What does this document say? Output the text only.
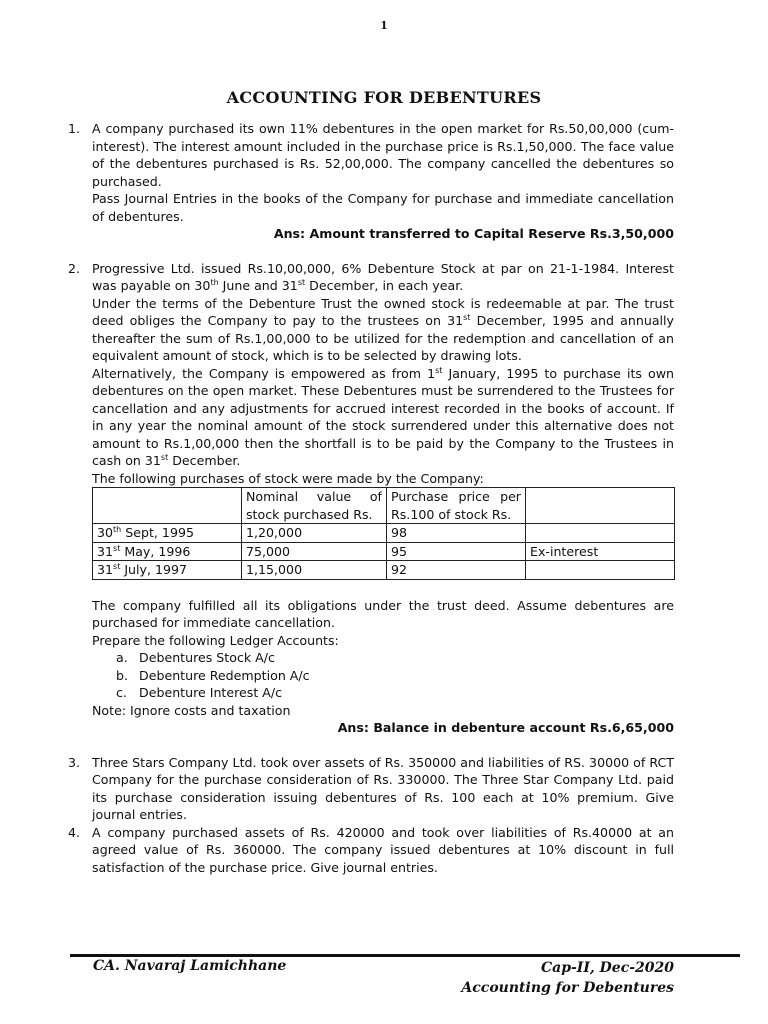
1
ACCOUNTING FOR DEBENTURES
1. A company purchased its own 11% debentures in the open market for Rs.50,00,000 (cum-interest). The interest amount included in the purchase price is Rs.1,50,000. The face value of the debentures purchased is Rs. 52,00,000. The company cancelled the debentures so purchased.

Pass Journal Entries in the books of the Company for purchase and immediate cancellation of debentures.

Ans: Amount transferred to Capital Reserve Rs.3,50,000

2. Progressive Ltd. issued Rs.10,00,000, 6% Debenture Stock at par on 21-1-1984. Interest was payable on 30th June and 31st December, in each year.

Under the terms of the Debenture Trust the owned stock is redeemable at par. The trust deed obliges the Company to pay to the trustees on 31st December, 1995 and annually thereafter the sum of Rs.1,00,000 to be utilized for the redemption and cancellation of an equivalent amount of stock, which is to be selected by drawing lots.

Alternatively, the Company is empowered as from 1st January, 1995 to purchase its own debentures on the open market. These Debentures must be surrendered to the Trustees for cancellation and any adjustments for accrued interest recorded in the books of account. If in any year the nominal amount of the stock surrendered under this alternative does not amount to Rs.1,00,000 then the shortfall is to be paid by the Company to the Trustees in cash on 31st December.

The following purchases of stock were made by the Company:

	Nominal value of stock purchased Rs.	Purchase price per Rs.100 of stock Rs.	
30th Sept, 1995	1,20,000	98	
31st May, 1996	75,000	95	Ex-interest
31st July, 1997	1,15,000	92	

The company fulfilled all its obligations under the trust deed. Assume debentures are purchased for immediate cancellation.

Prepare the following Ledger Accounts:

a. Debentures Stock A/c
b. Debenture Redemption A/c
c. Debenture Interest A/c

Note: Ignore costs and taxation

Ans: Balance in debenture account Rs.6,65,000

3. Three Stars Company Ltd. took over assets of Rs. 350000 and liabilities of RS. 30000 of RCT Company for the purchase consideration of Rs. 330000. The Three Star Company Ltd. paid its purchase consideration issuing debentures of Rs. 100 each at 10% premium. Give journal entries.

4. A company purchased assets of Rs. 420000 and took over liabilities of Rs.40000 at an agreed value of Rs. 360000. The company issued debentures at 10% discount in full satisfaction of the purchase price. Give journal entries.

CA. Navaraj Lamichhane	Cap-II, Dec-2020
Accounting for Debentures
